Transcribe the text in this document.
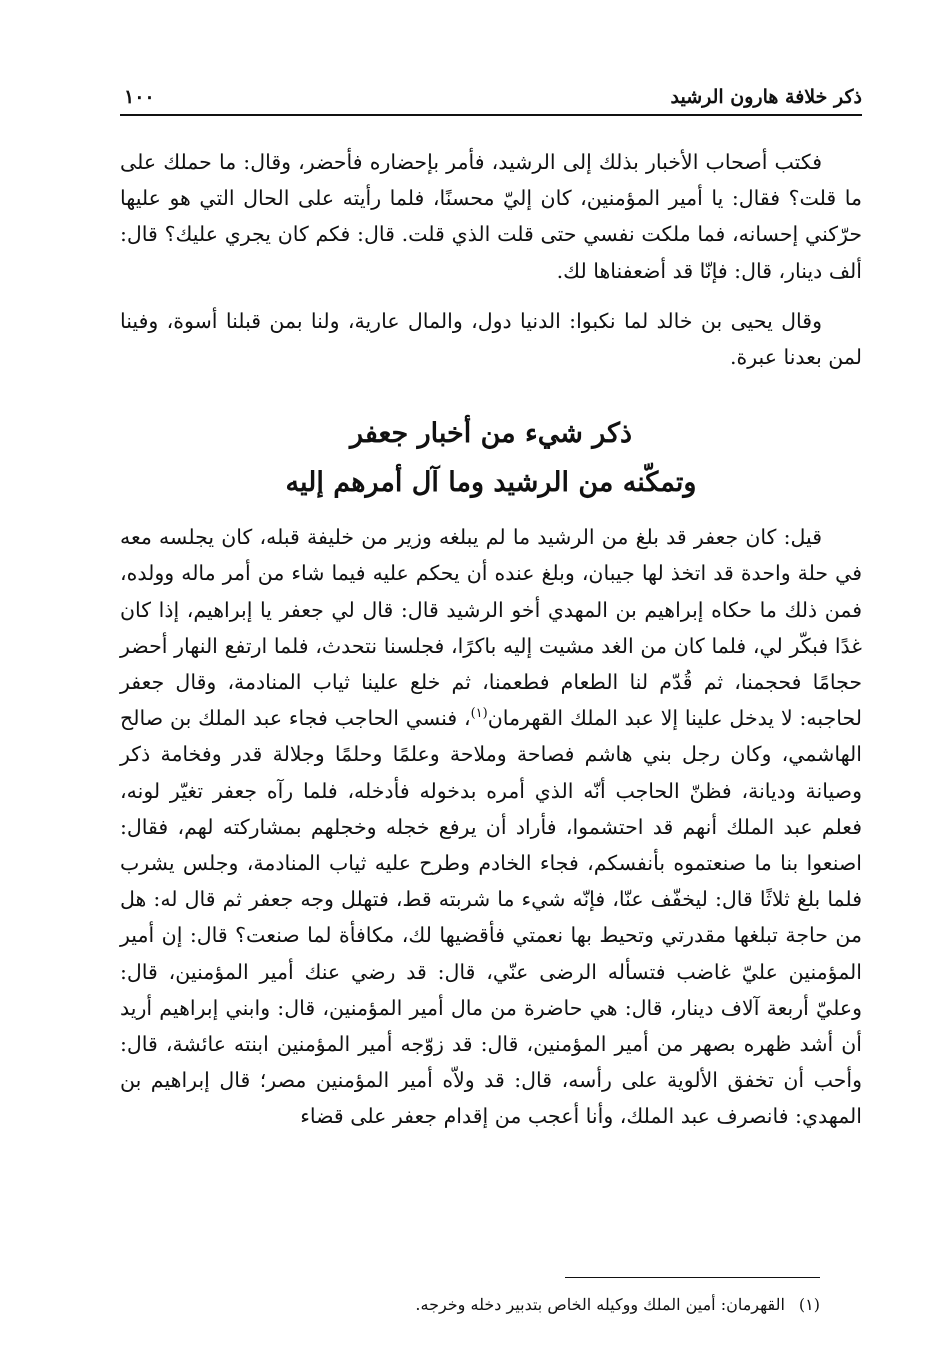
ذكر خلافة هارون الرشيد
١٠٠

فكتب أصحاب الأخبار بذلك إلى الرشيد، فأمر بإحضاره فأحضر، وقال: ما حملك على ما قلت؟ فقال: يا أمير المؤمنين، كان إليّ محسنًا، فلما رأيته على الحال التي هو عليها حرّكني إحسانه، فما ملكت نفسي حتى قلت الذي قلت. قال: فكم كان يجري عليك؟ قال: ألف دينار، قال: فإنّا قد أضعفناها لك.

وقال يحيى بن خالد لما نكبوا: الدنيا دول، والمال عارية، ولنا بمن قبلنا أسوة، وفينا لمن بعدنا عبرة.

ذكر شيء من أخبار جعفر
وتمكّنه من الرشيد وما آل أمرهم إليه

قيل: كان جعفر قد بلغ من الرشيد ما لم يبلغه وزير من خليفة قبله، كان يجلسه معه في حلة واحدة قد اتخذ لها جيبان، وبلغ عنده أن يحكم عليه فيما شاء من أمر ماله وولده، فمن ذلك ما حكاه إبراهيم بن المهدي أخو الرشيد قال: قال لي جعفر يا إبراهيم، إذا كان غدًا فبكّر لي، فلما كان من الغد مشيت إليه باكرًا، فجلسنا نتحدث، فلما ارتفع النهار أحضر حجامًا فحجمنا، ثم قُدّم لنا الطعام فطعمنا، ثم خلع علينا ثياب المنادمة، وقال جعفر لحاجبه: لا يدخل علينا إلا عبد الملك القهرمان$^{(١)}$، فنسي الحاجب فجاء عبد الملك بن صالح الهاشمي، وكان رجل بني هاشم فصاحة وملاحة وعلمًا وحلمًا وجلالة قدر وفخامة ذكر وصيانة وديانة، فظنّ الحاجب أنّه الذي أمره بدخوله فأدخله، فلما رآه جعفر تغيّر لونه، فعلم عبد الملك أنهم قد احتشموا، فأراد أن يرفع خجله وخجلهم بمشاركته لهم، فقال: اصنعوا بنا ما صنعتموه بأنفسكم، فجاء الخادم وطرح عليه ثياب المنادمة، وجلس يشرب فلما بلغ ثلاثًا قال: ليخفّف عنّا، فإنّه شيء ما شربته قط، فتهلل وجه جعفر ثم قال له: هل من حاجة تبلغها مقدرتي وتحيط بها نعمتي فأقضيها لك، مكافأة لما صنعت؟ قال: إن أمير المؤمنين عليّ غاضب فتسأله الرضى عنّي، قال: قد رضي عنك أمير المؤمنين، قال: وعليّ أربعة آلاف دينار، قال: هي حاضرة من مال أمير المؤمنين، قال: وابني إبراهيم أريد أن أشد ظهره بصهر من أمير المؤمنين، قال: قد زوّجه أمير المؤمنين ابنته عائشة، قال: وأحب أن تخفق الألوية على رأسه، قال: قد ولاّه أمير المؤمنين مصر؛ قال إبراهيم بن المهدي: فانصرف عبد الملك، وأنا أعجب من إقدام جعفر على قضاء

(١)القهرمان: أمين الملك ووكيله الخاص بتدبير دخله وخرجه.
